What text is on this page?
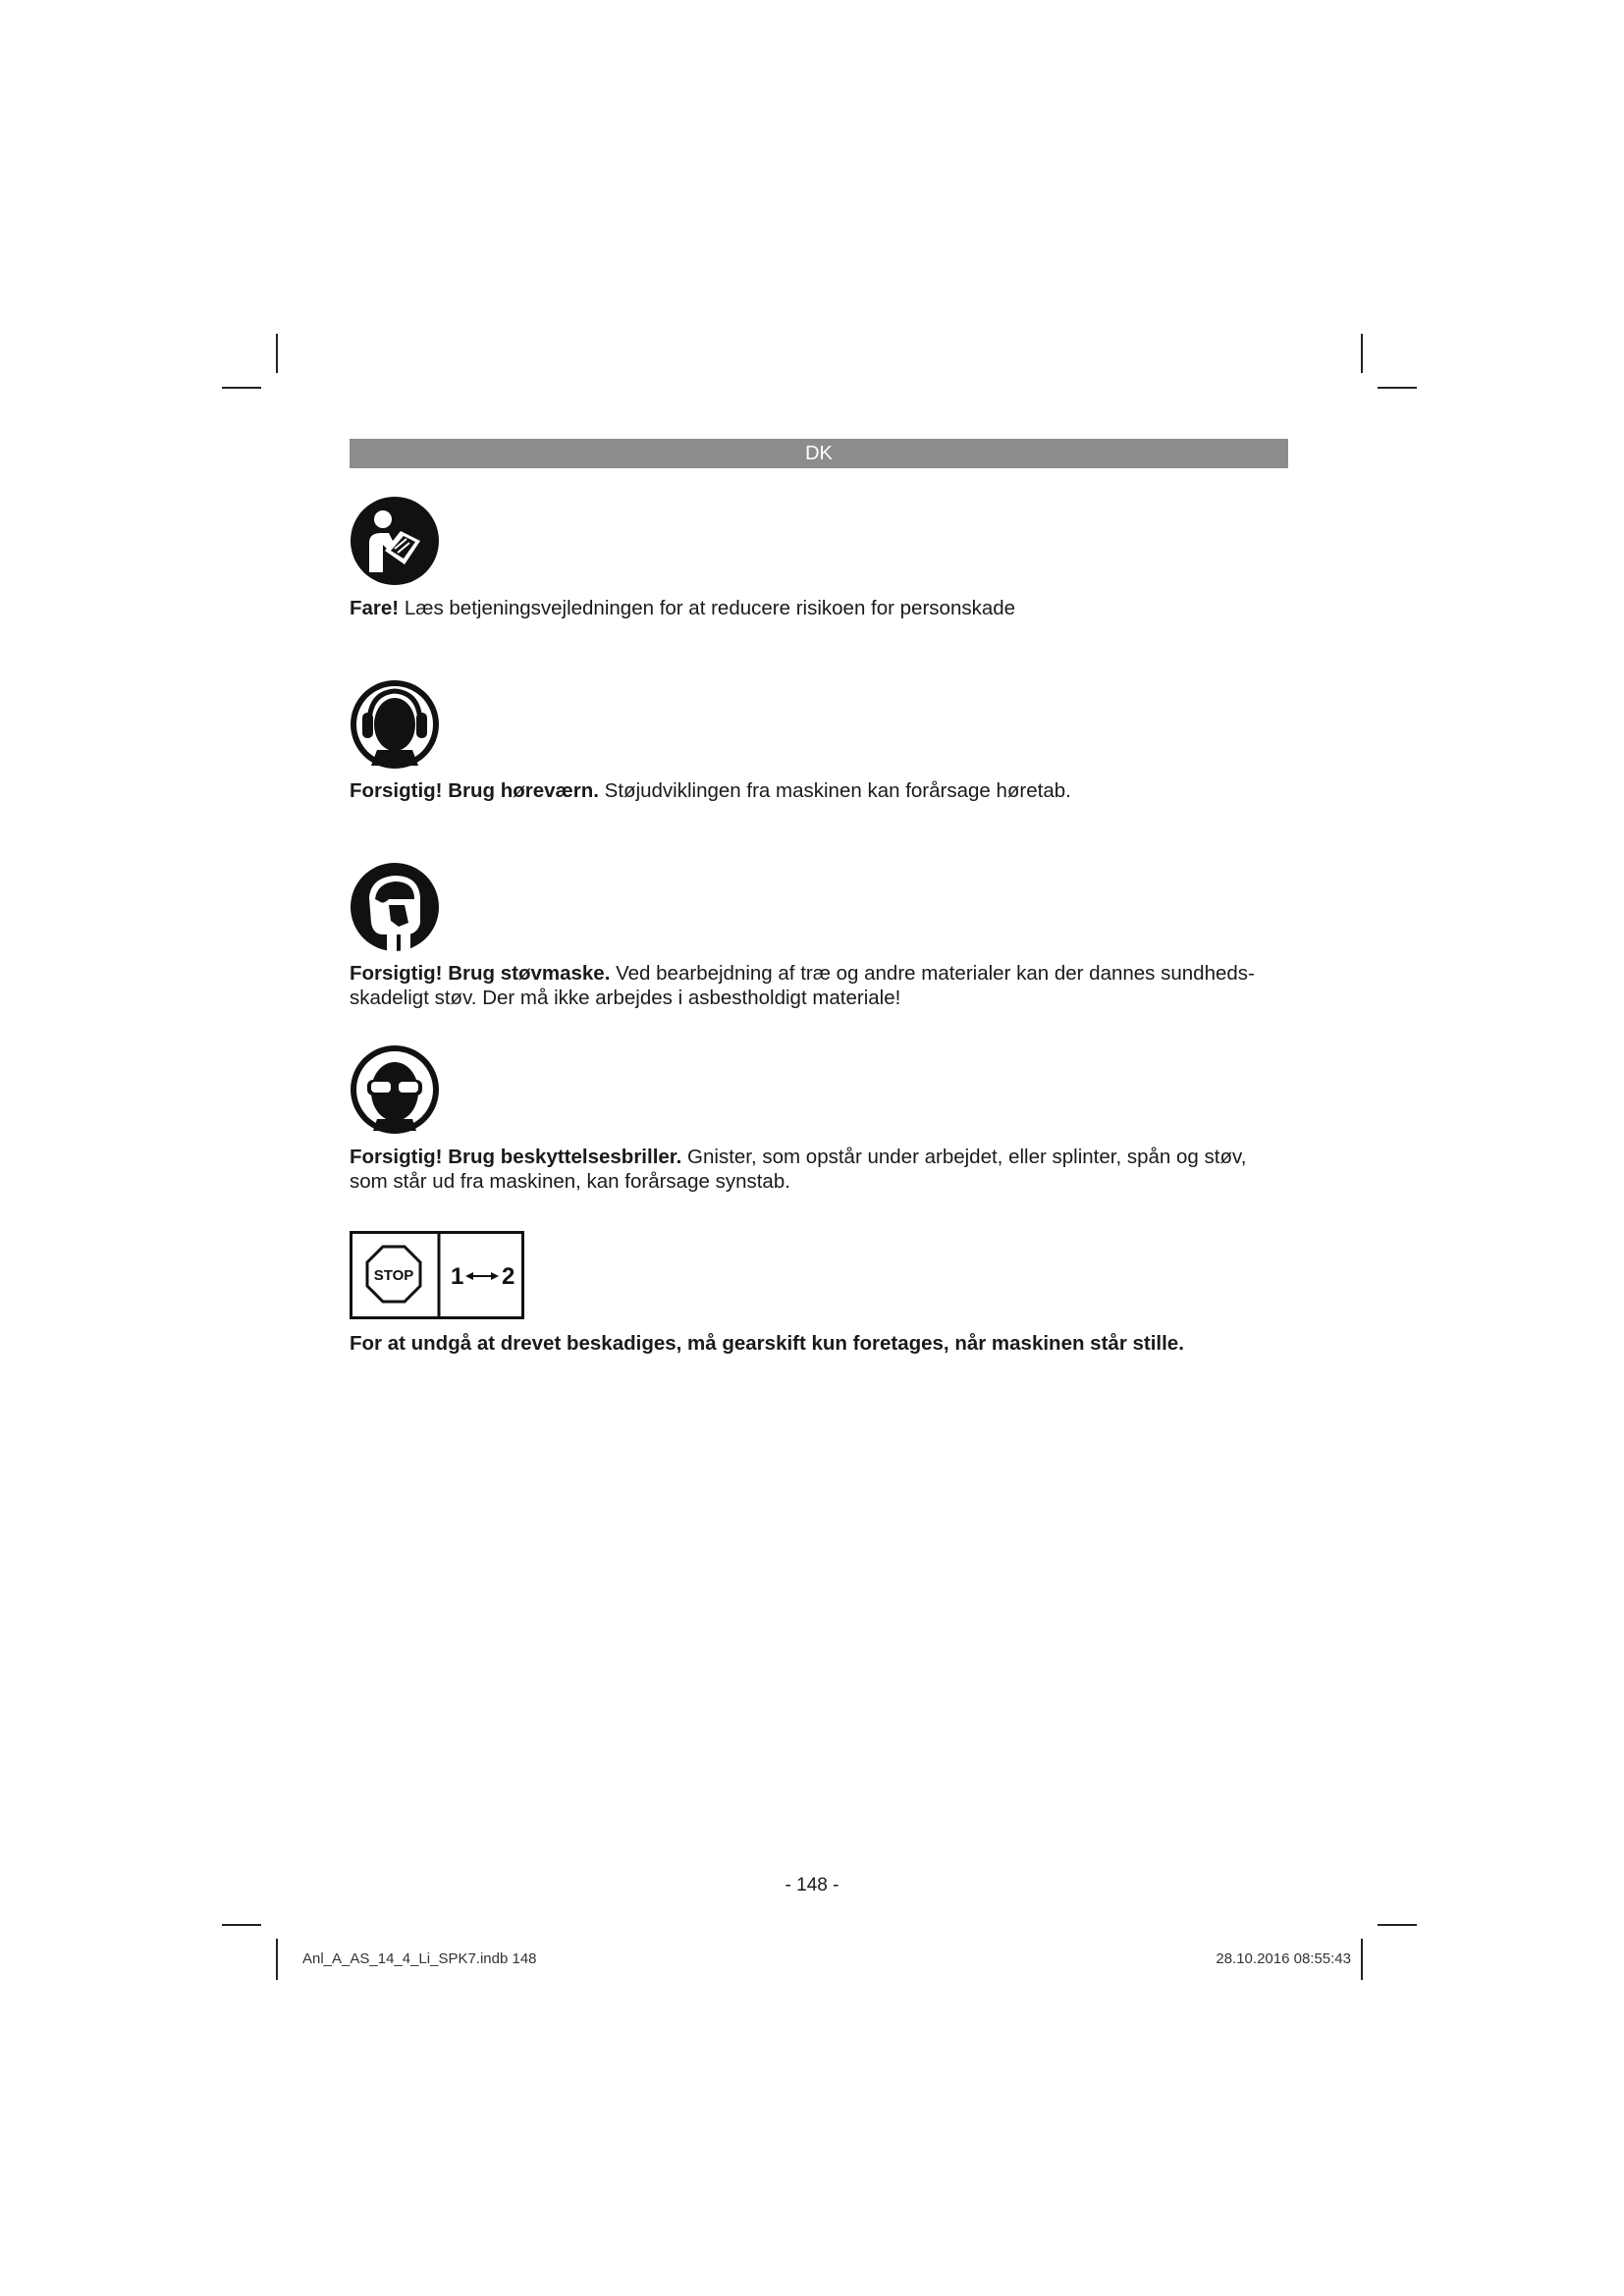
DK
Fare! Læs betjeningsvejledningen for at reducere risikoen for personskade
Forsigtig! Brug høreværn. Støjudviklingen fra maskinen kan forårsage høretab.
Forsigtig! Brug støvmaske. Ved bearbejdning af træ og andre materialer kan der dannes sundheds-
skadeligt støv. Der må ikke arbejdes i asbestholdigt materiale!
Forsigtig! Brug beskyttelsesbriller. Gnister, som opstår under arbejdet, eller splinter, spån og støv,
som står ud fra maskinen, kan forårsage synstab.
STOP 1 2
For at undgå at drevet beskadiges, må gearskift kun foretages, når maskinen står stille.
- 148 -
Anl_A_AS_14_4_Li_SPK7.indb 148	28.10.2016 08:55:43
